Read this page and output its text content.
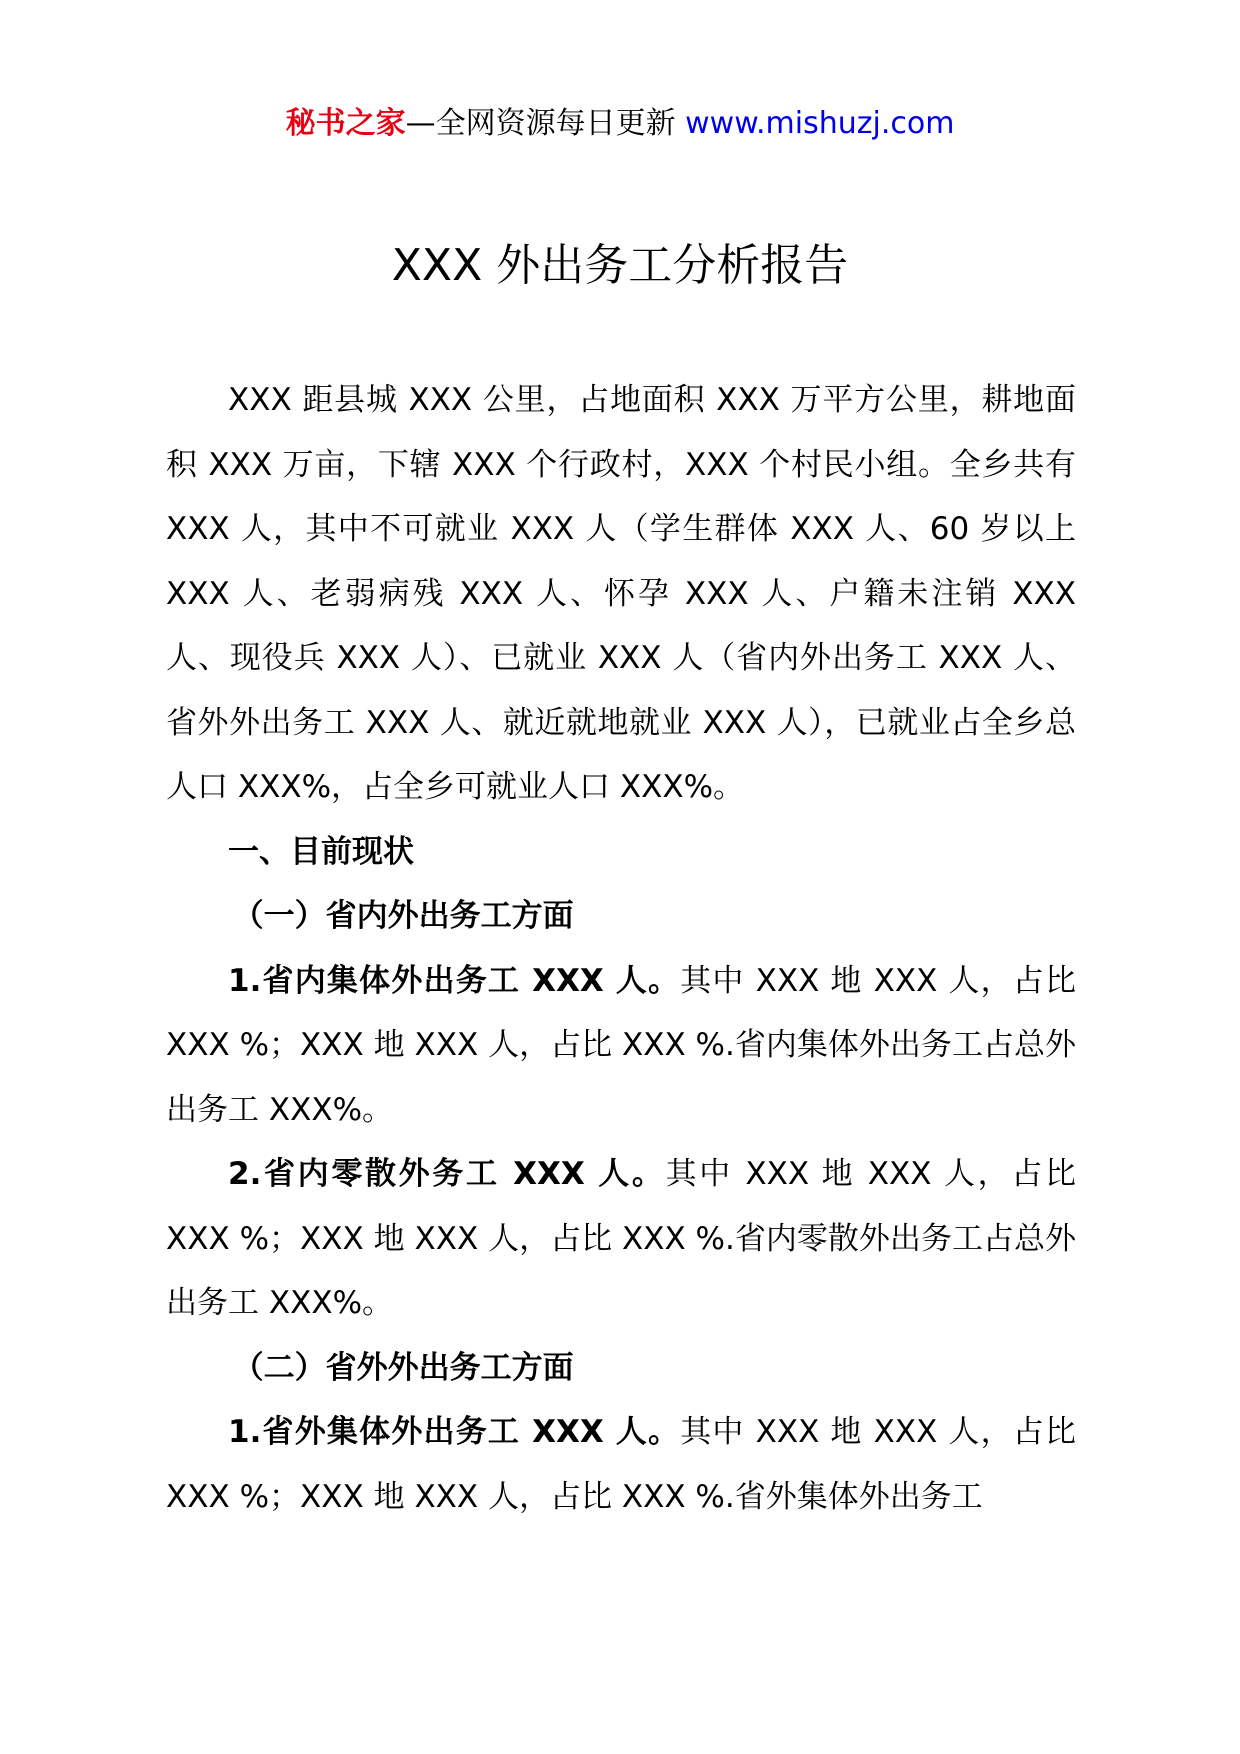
秘书之家—全网资源每日更新 www.mishuzj.com
XXX 外出务工分析报告

XXX 距县城 XXX 公里，占地面积 XXX 万平方公里，耕地面积 XXX 万亩，下辖 XXX 个行政村，XXX 个村民小组。全乡共有 XXX 人，其中不可就业 XXX 人（学生群体 XXX 人、60 岁以上 XXX 人、老弱病残 XXX 人、怀孕 XXX 人、户籍未注销 XXX 人、现役兵 XXX 人）、已就业 XXX 人（省内外出务工 XXX 人、省外外出务工 XXX 人、就近就地就业 XXX 人），已就业占全乡总人口 XXX%，占全乡可就业人口 XXX%。

一、目前现状

（一）省内外出务工方面

1.省内集体外出务工 XXX 人。其中 XXX 地 XXX 人，占比 XXX %；XXX 地 XXX 人，占比 XXX %.省内集体外出务工占总外出务工 XXX%。

2.省内零散外务工 XXX 人。其中 XXX 地 XXX 人，占比 XXX %；XXX 地 XXX 人，占比 XXX %.省内零散外出务工占总外出务工 XXX%。

（二）省外外出务工方面

1.省外集体外出务工 XXX 人。其中 XXX 地 XXX 人，占比 XXX %；XXX 地 XXX 人，占比 XXX %.省外集体外出务工
